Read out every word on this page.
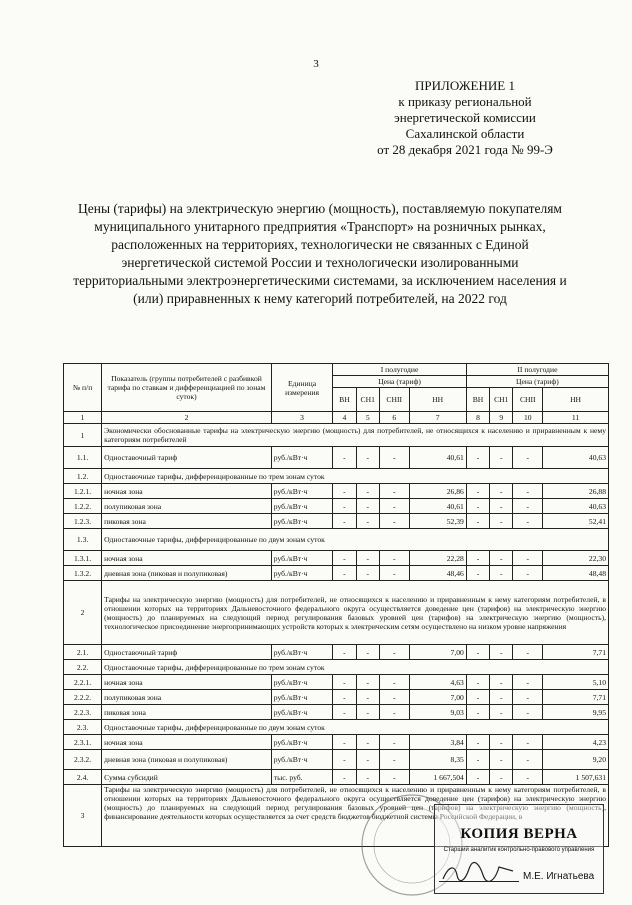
3
ПРИЛОЖЕНИЕ 1
к приказу региональной
энергетической комиссии
Сахалинской области
от 28 декабря 2021 года № 99-Э
Цены (тарифы) на электрическую энергию (мощность), поставляемую покупателям муниципального унитарного предприятия «Транспорт» на розничных рынках, расположенных на территориях, технологически не связанных с Единой энергетической системой России и технологически изолированными территориальными электроэнергетическими системами, за исключением населения и (или) приравненных к нему категорий потребителей, на 2022 год
№ п/п	Показатель (группы потребителей с разбивкой тарифа по ставкам и дифференциацией по зонам суток)	Единица измерения	I полугодие				II полугодие			
			Цена (тариф)				Цена (тариф)			
			ВН	СН1	СНII	НН	ВН	СН1	СНII	НН
1	2	3	4	5	6	7	8	9	10	11
1	Экономически обоснованные тарифы на электрическую энергию (мощность) для потребителей, не относящихся к населению и приравненным к нему категориям потребителей									
1.1.	Одноставочный тариф	руб./кВт·ч	-	-	-	40,61	-	-	-	40,63
1.2.	Одноставочные тарифы, дифференцированные по трем зонам суток									
1.2.1.	ночная зона	руб./кВт·ч	-	-	-	26,86	-	-	-	26,88
1.2.2.	полупиковая зона	руб./кВт·ч	-	-	-	40,61	-	-	-	40,63
1.2.3.	пиковая зона	руб./кВт·ч	-	-	-	52,39	-	-	-	52,41
1.3.	Одноставочные тарифы, дифференцированные по двум зонам суток									
1.3.1.	ночная зона	руб./кВт·ч	-	-	-	22,28	-	-	-	22,30
1.3.2.	дневная зона (пиковая и полупиковая)	руб./кВт·ч	-	-	-	48,46	-	-	-	48,48
2	Тарифы на электрическую энергию (мощность) для потребителей, не относящихся к населению и приравненным к нему категориям потребителей, в отношении которых на территориях Дальневосточного федерального округа осуществляется доведение цен (тарифов) на электрическую энергию (мощность) до планируемых на следующий период регулирования базовых уровней цен (тарифов) на электрическую энергию (мощность), технологическое присоединение энергопринимающих устройств которых к электрическим сетям осуществлено на низком уровне напряжения									
2.1.	Одноставочный тариф	руб./кВт·ч	-	-	-	7,00	-	-	-	7,71
2.2.	Одноставочные тарифы, дифференцированные по трем зонам суток									
2.2.1.	ночная зона	руб./кВт·ч	-	-	-	4,63	-	-	-	5,10
2.2.2.	полупиковая зона	руб./кВт·ч	-	-	-	7,00	-	-	-	7,71
2.2.3.	пиковая зона	руб./кВт·ч	-	-	-	9,03	-	-	-	9,95
2.3.	Одноставочные тарифы, дифференцированные по двум зонам суток									
2.3.1.	ночная зона	руб./кВт·ч	-	-	-	3,84	-	-	-	4,23
2.3.2.	дневная зона (пиковая и полупиковая)	руб./кВт·ч	-	-	-	8,35	-	-	-	9,20
2.4.	Сумма субсидий	тыс. руб.	-	-	-	1 667,504	-	-	-	1 507,631
3	Тарифы на электрическую энергию (мощность) для потребителей, не относящихся к населению и приравненным к нему категориям потребителей, в отношении которых на территориях Дальневосточного федерального округа осуществляется доведение цен (тарифов) на электрическую энергию (мощность) до планируемых на следующий период регулирования базовых уровней цен (тарифов) на электрическую энергию (мощность), финансирование деятельности которых осуществляется за счет средств бюджетов бюджетной системы Российской Федерации, в									
КОПИЯ ВЕРНА
Старший аналитик контрольно-правового управления
М.Е. Игнатьева
